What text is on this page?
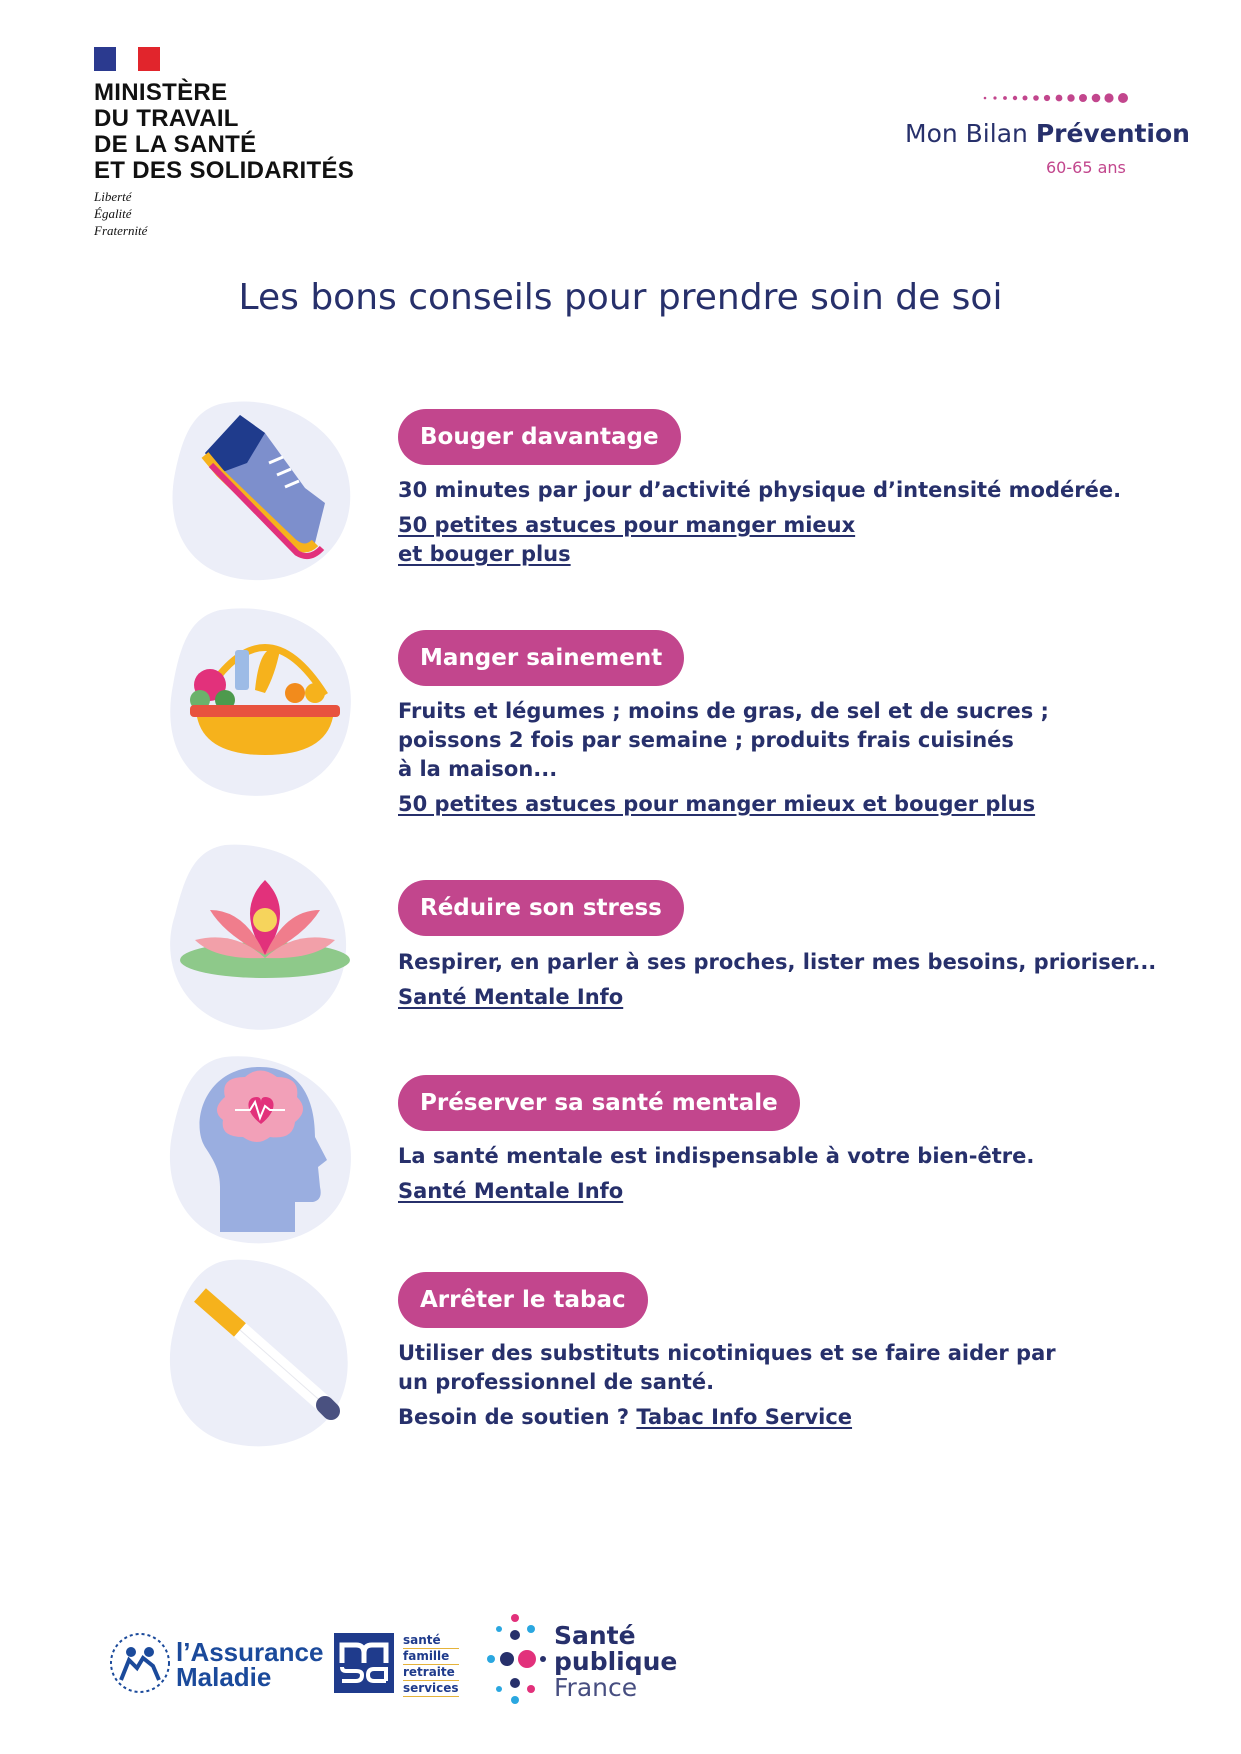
MINISTÈRE
DU TRAVAIL
DE LA SANTÉ
ET DES SOLIDARITÉS
Liberté
Égalité
Fraternité
Mon Bilan Prévention
60-65 ans
Les bons conseils pour prendre soin de soi
Bouger davantage
30 minutes par jour d’activité physique d’intensité modérée.
50 petites astuces pour manger mieux
et bouger plus
Manger sainement
Fruits et légumes ; moins de gras, de sel et de sucres ;
poissons 2 fois par semaine ; produits frais cuisinés
à la maison...
50 petites astuces pour manger mieux et bouger plus
Réduire son stress
Respirer, en parler à ses proches, lister mes besoins, prioriser...
Santé Mentale Info
Préserver sa santé mentale
La santé mentale est indispensable à votre bien-être.
Santé Mentale Info
Arrêter le tabac
Utiliser des substituts nicotiniques et se faire aider par
un professionnel de santé.
Besoin de soutien ? Tabac Info Service
l’Assurance
Maladie
santé
famille
retraite
services
Santé
publique
France
